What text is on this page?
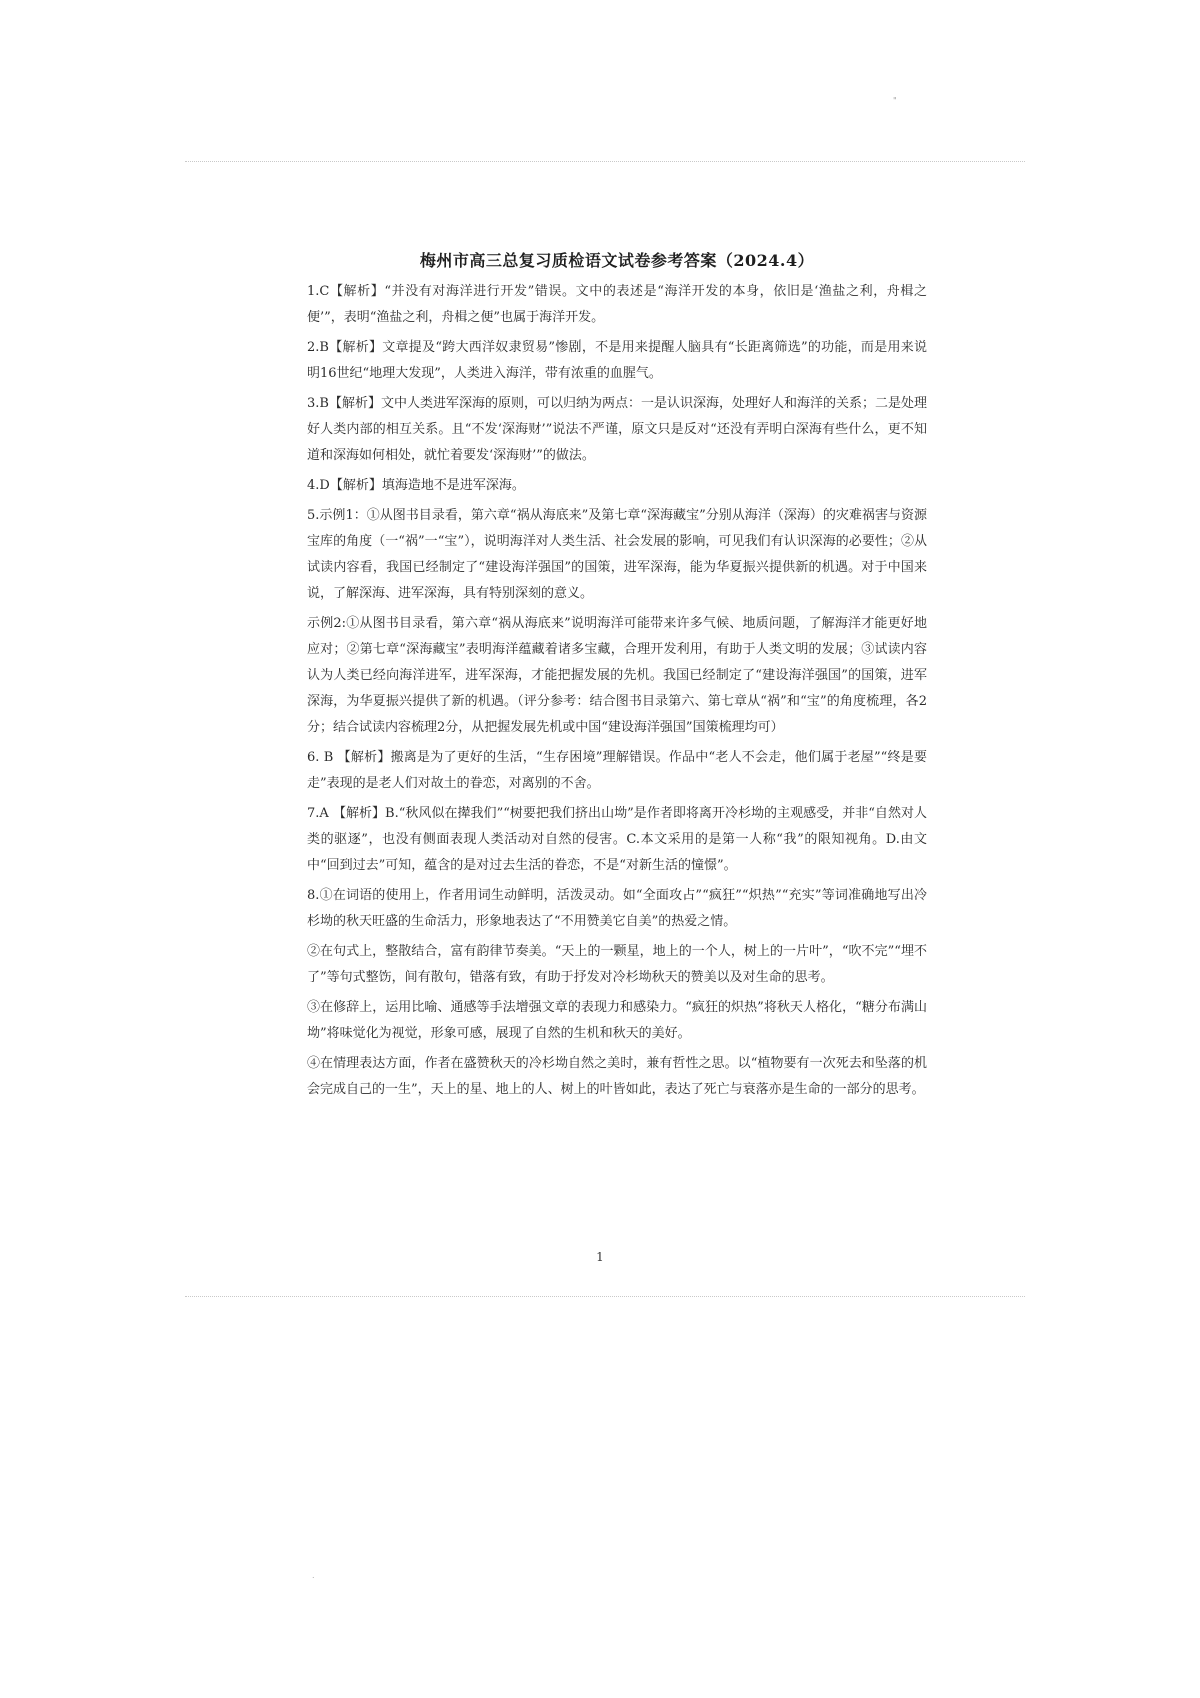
"
梅州市高三总复习质检语文试卷参考答案（2024.4）

1.C【解析】“并没有对海洋进行开发”错误。文中的表述是“海洋开发的本身，依旧是‘渔盐之利，舟楫之便’”，表明“渔盐之利，舟楫之便”也属于海洋开发。

2.B【解析】文章提及“跨大西洋奴隶贸易”惨剧，不是用来提醒人脑具有“长距离筛选”的功能，而是用来说明16世纪“地理大发现”，人类进入海洋，带有浓重的血腥气。

3.B【解析】文中人类进军深海的原则，可以归纳为两点：一是认识深海，处理好人和海洋的关系；二是处理好人类内部的相互关系。且“不发‘深海财’”说法不严谨，原文只是反对“还没有弄明白深海有些什么，更不知道和深海如何相处，就忙着要发‘深海财’”的做法。

4.D【解析】填海造地不是进军深海。

5.示例1：①从图书目录看，第六章“祸从海底来”及第七章“深海藏宝”分别从海洋（深海）的灾难祸害与资源宝库的角度（一“祸”一“宝”），说明海洋对人类生活、社会发展的影响，可见我们有认识深海的必要性；②从试读内容看，我国已经制定了“建设海洋强国”的国策，进军深海，能为华夏振兴提供新的机遇。对于中国来说，了解深海、进军深海，具有特别深刻的意义。

示例2:①从图书目录看，第六章“祸从海底来”说明海洋可能带来许多气候、地质问题，了解海洋才能更好地应对；②第七章“深海藏宝”表明海洋蕴藏着诸多宝藏，合理开发利用，有助于人类文明的发展；③试读内容认为人类已经向海洋进军，进军深海，才能把握发展的先机。我国已经制定了“建设海洋强国”的国策，进军深海，为华夏振兴提供了新的机遇。（评分参考：结合图书目录第六、第七章从“祸”和“宝”的角度梳理，各2分；结合试读内容梳理2分，从把握发展先机或中国“建设海洋强国”国策梳理均可）

6. B 【解析】搬离是为了更好的生活，“生存困境”理解错误。作品中“老人不会走，他们属于老屋”“终是要走”表现的是老人们对故土的眷恋，对离别的不舍。

7.A 【解析】B.“秋风似在撵我们”“树要把我们挤出山坳”是作者即将离开冷杉坳的主观感受，并非“自然对人类的驱逐”，也没有侧面表现人类活动对自然的侵害。C.本文采用的是第一人称“我”的限知视角。D.由文中“回到过去”可知，蕴含的是对过去生活的眷恋，不是“对新生活的憧憬”。

8.①在词语的使用上，作者用词生动鲜明，活泼灵动。如“全面攻占”“疯狂”“炽热”“充实”等词准确地写出冷杉坳的秋天旺盛的生命活力，形象地表达了“不用赞美它自美”的热爱之情。

②在句式上，整散结合，富有韵律节奏美。“天上的一颗星，地上的一个人，树上的一片叶”，“吹不完”“埋不了”等句式整饬，间有散句，错落有致，有助于抒发对冷杉坳秋天的赞美以及对生命的思考。

③在修辞上，运用比喻、通感等手法增强文章的表现力和感染力。“疯狂的炽热”将秋天人格化，“糖分布满山坳”将味觉化为视觉，形象可感，展现了自然的生机和秋天的美好。

④在情理表达方面，作者在盛赞秋天的冷杉坳自然之美时，兼有哲性之思。以“植物要有一次死去和坠落的机会完成自己的一生”，天上的星、地上的人、树上的叶皆如此，表达了死亡与衰落亦是生命的一部分的思考。

1
.
